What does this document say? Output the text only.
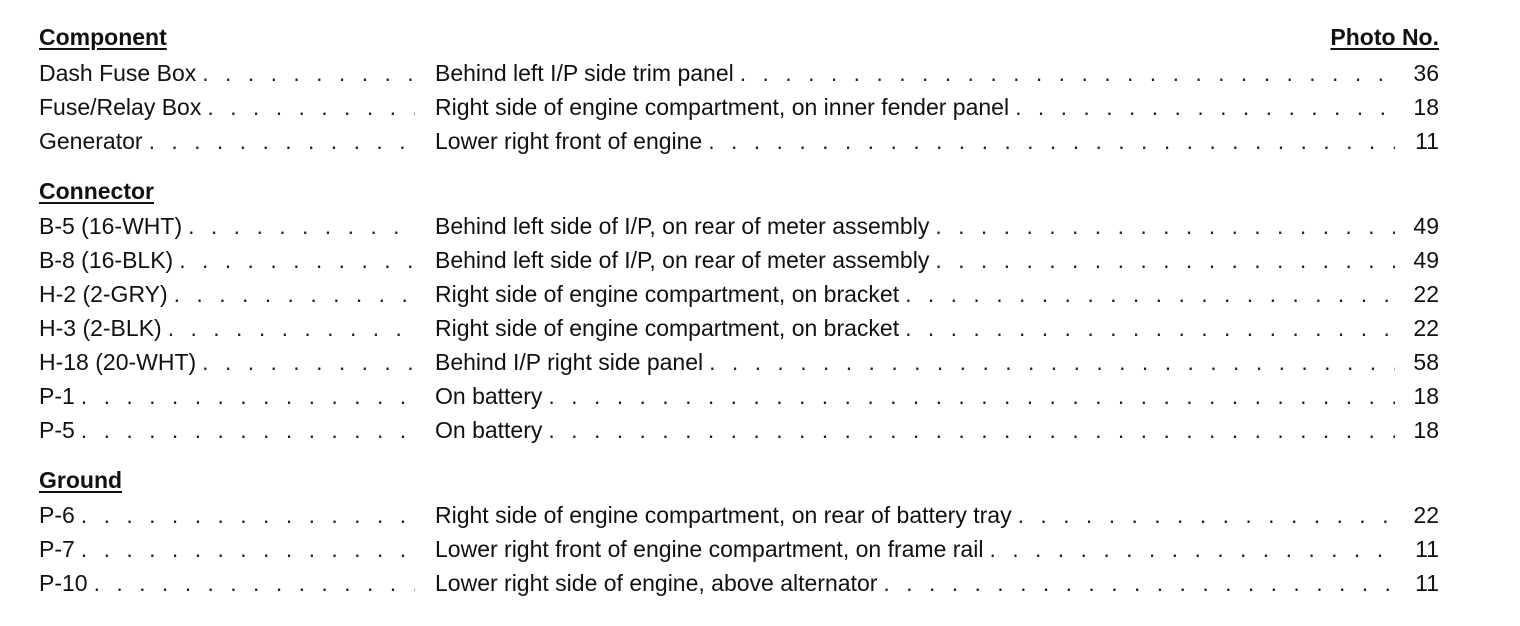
Component	Photo No.
Dash Fuse Box . . .	Behind left I/P side trim panel . . .	36
Fuse/Relay Box . . .	Right side of engine compartment, on inner fender panel . . .	18
Generator . . .	Lower right front of engine . . .	11
Connector
B-5 (16-WHT) . . .	Behind left side of I/P, on rear of meter assembly . . .	49
B-8 (16-BLK) . . .	Behind left side of I/P, on rear of meter assembly . . .	49
H-2 (2-GRY) . . .	Right side of engine compartment, on bracket . . .	22
H-3 (2-BLK) . . .	Right side of engine compartment, on bracket . . .	22
H-18 (20-WHT) . . .	Behind I/P right side panel . . .	58
P-1 . . .	On battery . . .	18
P-5 . . .	On battery . . .	18
Ground
P-6 . . .	Right side of engine compartment, on rear of battery tray . . .	22
P-7 . . .	Lower right front of engine compartment, on frame rail . . .	11
P-10 . . .	Lower right side of engine, above alternator . . .	11
